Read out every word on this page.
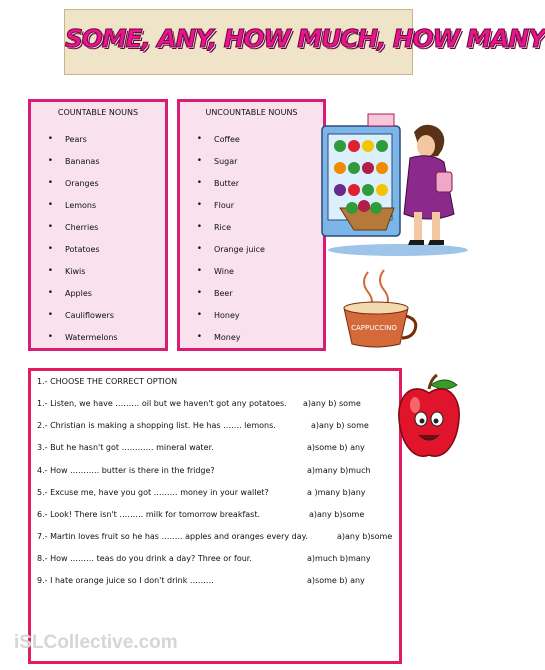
SOME, ANY, HOW MUCH, HOW MANY
COUNTABLE NOUNS
•	Pears
•	Bananas
•	Oranges
•	Lemons
•	Cherries
•	Potatoes
•	Kiwis
•	Apples
•	Cauliflowers
•	Watermelons
UNCOUNTABLE NOUNS
•	Coffee
•	Sugar
•	Butter
•	Flour
•	Rice
•	Orange juice
•	Wine
•	Beer
•	Honey
•	Money
CAPPUCCINO
1.- CHOOSE THE CORRECT OPTION
1.- Listen, we have ……… oil but we haven't got any potatoes. a)any b) some
2.- Christian is making a shopping list. He has ……. lemons.	a)any b) some
3.- But he hasn't got ………… mineral water.	a)some b) any
4.- How ……….. butter is there in the fridge?	a)many b)much
5.- Excuse me, have you got ……… money in your wallet?	a )many b)any
6.- Look! There isn't ……… milk for tomorrow breakfast.	a)any b)some
7.- Martin loves fruit so he has …….. apples and oranges every day.	a)any b)some
8.- How ……… teas do you drink a day? Three or four.	a)much b)many
9.- I hate orange juice so I don't drink ………	a)some b) any
iSLCollective.com
